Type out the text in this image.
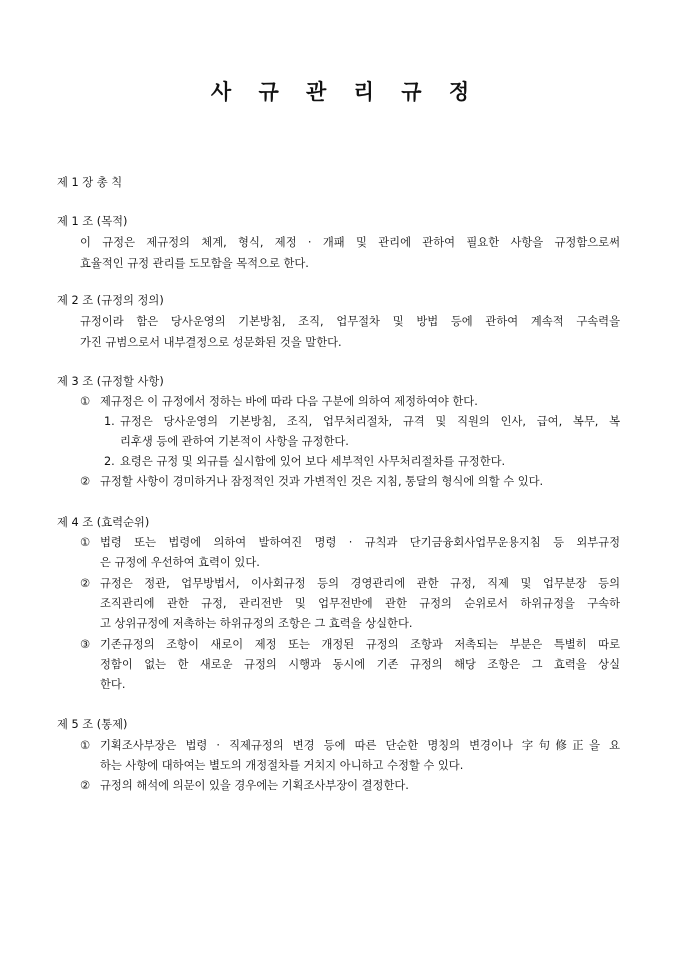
사 규 관 리 규 정
제 1 장 총 칙
제 1 조 (목적)
이 규정은 제규정의 체계, 형식, 제정 · 개패 및 관리에 관하여 필요한 사항을 규정함으로써
효율적인 규정 관리를 도모함을 목적으로 한다.
제 2 조 (규정의 정의)
규정이라 함은 당사운영의 기본방침, 조직, 업무절차 및 방법 등에 관하여 계속적 구속력을
가진 규범으로서 내부결정으로 성문화된 것을 말한다.
제 3 조 (규정할 사항)
① 제규정은 이 규정에서 정하는 바에 따라 다음 구분에 의하여 제정하여야 한다.
1. 규정은 당사운영의 기본방침, 조직, 업무처리절차, 규격 및 직원의 인사, 급여, 복무, 복
리후생 등에 관하여 기본적이 사항을 규정한다.
2. 요령은 규정 및 외규를 실시함에 있어 보다 세부적인 사무처리절차를 규정한다.
② 규정할 사항이 경미하거나 잠정적인 것과 가변적인 것은 지침, 통달의 형식에 의할 수 있다.
제 4 조 (효력순위)
① 법령 또는 법령에 의하여 발하여진 명령 · 규칙과 단기금융회사업무운용지침 등 외부규정
은 규정에 우선하여 효력이 있다.
② 규정은 정관, 업무방법서, 이사회규정 등의 경영관리에 관한 규정, 직제 및 업무분장 등의
조직관리에 관한 규정, 관리전반 및 업무전반에 관한 규정의 순위로서 하위규정을 구속하
고 상위규정에 저촉하는 하위규정의 조항은 그 효력을 상실한다.
③ 기존규정의 조항이 새로이 제정 또는 개정된 규정의 조항과 저촉되는 부분은 특별히 따로
정함이 없는 한 새로운 규정의 시행과 동시에 기존 규정의 해당 조항은 그 효력을 상실
한다.
제 5 조 (통제)
① 기획조사부장은 법령 · 직제규정의 변경 등에 따른 단순한 명칭의 변경이나 字句修正을 요
하는 사항에 대하여는 별도의 개정절차를 거치지 아니하고 수정할 수 있다.
② 규정의 해석에 의문이 있을 경우에는 기획조사부장이 결정한다.
